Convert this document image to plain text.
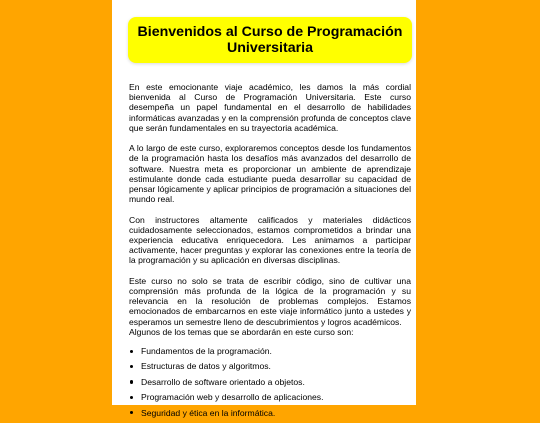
Bienvenidos al Curso de Programación Universitaria

En este emocionante viaje académico, les damos la más cordial bienvenida al Curso de Programación Universitaria. Este curso desempeña un papel fundamental en el desarrollo de habilidades informáticas avanzadas y en la comprensión profunda de conceptos clave que serán fundamentales en su trayectoria académica.

A lo largo de este curso, exploraremos conceptos desde los fundamentos de la programación hasta los desafíos más avanzados del desarrollo de software. Nuestra meta es proporcionar un ambiente de aprendizaje estimulante donde cada estudiante pueda desarrollar su capacidad de pensar lógicamente y aplicar principios de programación a situaciones del mundo real.

Con instructores altamente calificados y materiales didácticos cuidadosamente seleccionados, estamos comprometidos a brindar una experiencia educativa enriquecedora. Les animamos a participar activamente, hacer preguntas y explorar las conexiones entre la teoría de la programación y su aplicación en diversas disciplinas.

Este curso no solo se trata de escribir código, sino de cultivar una comprensión más profunda de la lógica de la programación y su relevancia en la resolución de problemas complejos. Estamos emocionados de embarcarnos en este viaje informático junto a ustedes y esperamos un semestre lleno de descubrimientos y logros académicos.

Algunos de los temas que se abordarán en este curso son:

Fundamentos de la programación.
Estructuras de datos y algoritmos.
Desarrollo de software orientado a objetos.
Programación web y desarrollo de aplicaciones.
Seguridad y ética en la informática.
